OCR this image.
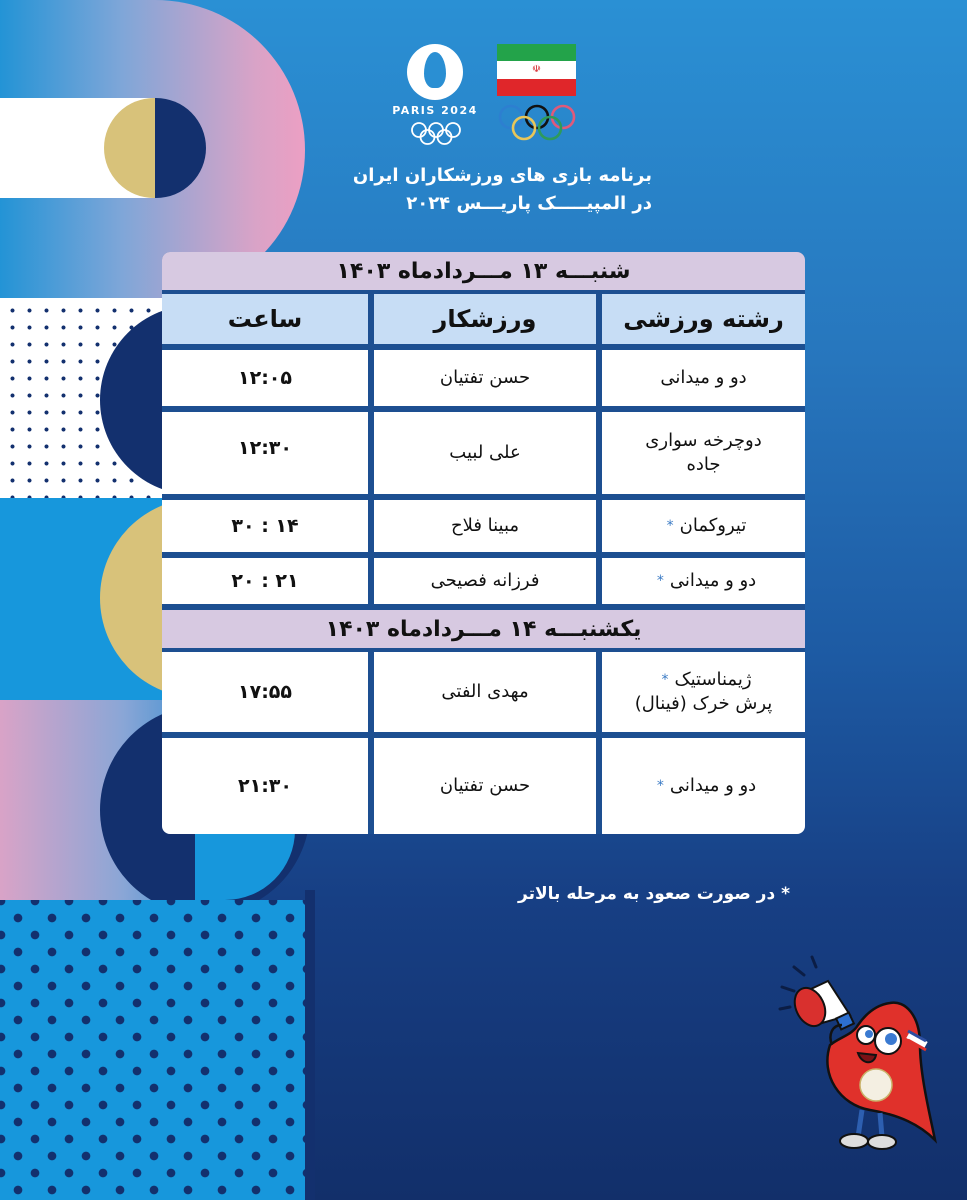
PARIS 2024
☫
برنامه بازی های ورزشکاران ایران
در المپیـــــک پاریـــس ۲۰۲۴
شنبـــه ۱۳ مـــردادماه ۱۴۰۳
رشته ورزشی
ورزشکار
ساعت
دو و میدانی
حسن تفتیان
۱۲:۰۵
دوچرخه سواری
جاده
علی لبیب
۱۲:۳۰
تیروکمان
*
مبینا فلاح
۱۴ : ۳۰
دو و میدانی
*
فرزانه فصیحی
۲۱ : ۲۰
یکشنبـــه ۱۴ مـــردادماه ۱۴۰۳
ژیمناستیک
*
پرش خرک (فینال)
مهدی الفتی
۱۷:۵۵
دو و میدانی
*
حسن تفتیان
۲۱:۳۰
* در صورت صعود به مرحله بالاتر
